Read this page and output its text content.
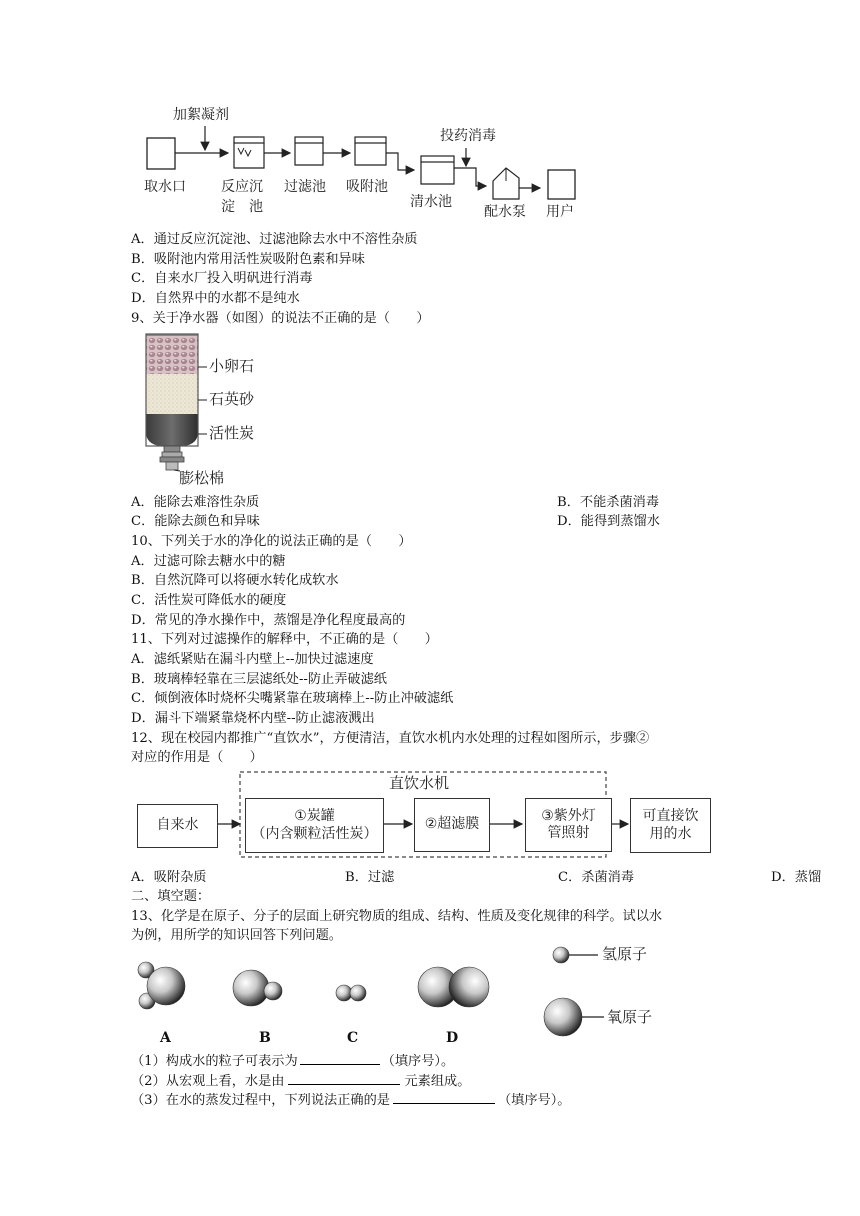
加絮凝剂
投药消毒
取水口	反应沉
淀　池
过滤池 吸附池
清水池
配水泵 用户
A．通过反应沉淀池、过滤池除去水中不溶性杂质
B．吸附池内常用活性炭吸附色素和异味
C．自来水厂投入明矾进行消毒
D．自然界中的水都不是纯水
9、关于净水器（如图）的说法不正确的是（　　）
小卵石
石英砂
活性炭
膨松棉
A．能除去难溶性杂质	B．不能杀菌消毒
C．能除去颜色和异味	D．能得到蒸馏水
10、下列关于水的净化的说法正确的是（　　）
A．过滤可除去糖水中的糖
B．自然沉降可以将硬水转化成软水
C．活性炭可降低水的硬度
D．常见的净水操作中，蒸馏是净化程度最高的
11、下列对过滤操作的解释中，不正确的是（　　）
A．滤纸紧贴在漏斗内壁上--加快过滤速度
B．玻璃棒轻靠在三层滤纸处--防止弄破滤纸
C．倾倒液体时烧杯尖嘴紧靠在玻璃棒上--防止冲破滤纸
D．漏斗下端紧靠烧杯内壁--防止滤液溅出
12、现在校园内都推广“直饮水”，方便清洁，直饮水机内水处理的过程如图所示，步骤②
对应的作用是（　　）
直饮水机
自来水
①炭罐
（内含颗粒活性炭）
②超滤膜
③紫外灯
管照射
可直接饮
用的水
A．吸附杂质	B．过滤	C．杀菌消毒	D．蒸馏
二、填空题：
13、化学是在原子、分子的层面上研究物质的组成、结构、性质及变化规律的科学。试以水
为例，用所学的知识回答下列问题。
氢原子
氧原子
A	B	C	D
（1）构成水的粒子可表示为	（填序号）。
（2）从宏观上看，水是由	元素组成。
（3）在水的蒸发过程中，下列说法正确的是	（填序号）。
